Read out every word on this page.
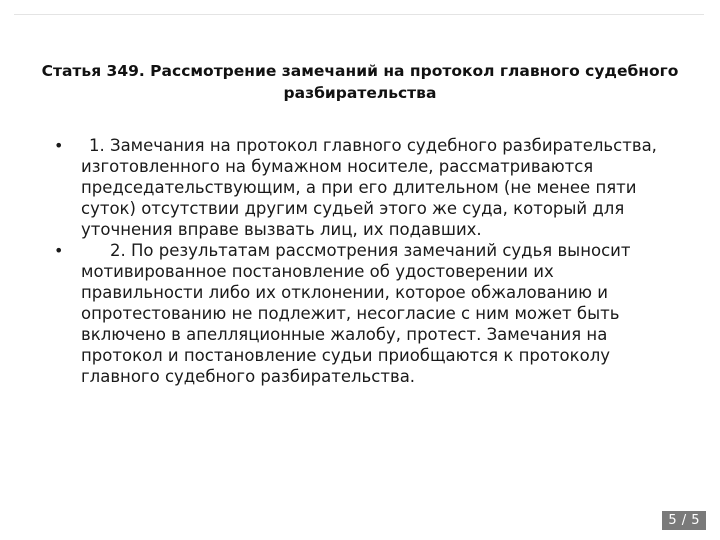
Статья 349. Рассмотрение замечаний на протокол главного судебного разбирательства
•	1. Замечания на протокол главного судебного разбирательства, изготовленного на бумажном носителе, рассматриваются председательствующим, а при его длительном (не менее пяти суток) отсутствии другим судьей этого же суда, который для уточнения вправе вызвать лиц, их подавших.
•	2. По результатам рассмотрения замечаний судья выносит мотивированное постановление об удостоверении их правильности либо их отклонении, которое обжалованию и опротестованию не подлежит, несогласие с ним может быть включено в апелляционные жалобу, протест. Замечания на протокол и постановление судьи приобщаются к протоколу главного судебного разбирательства.
5 / 5
